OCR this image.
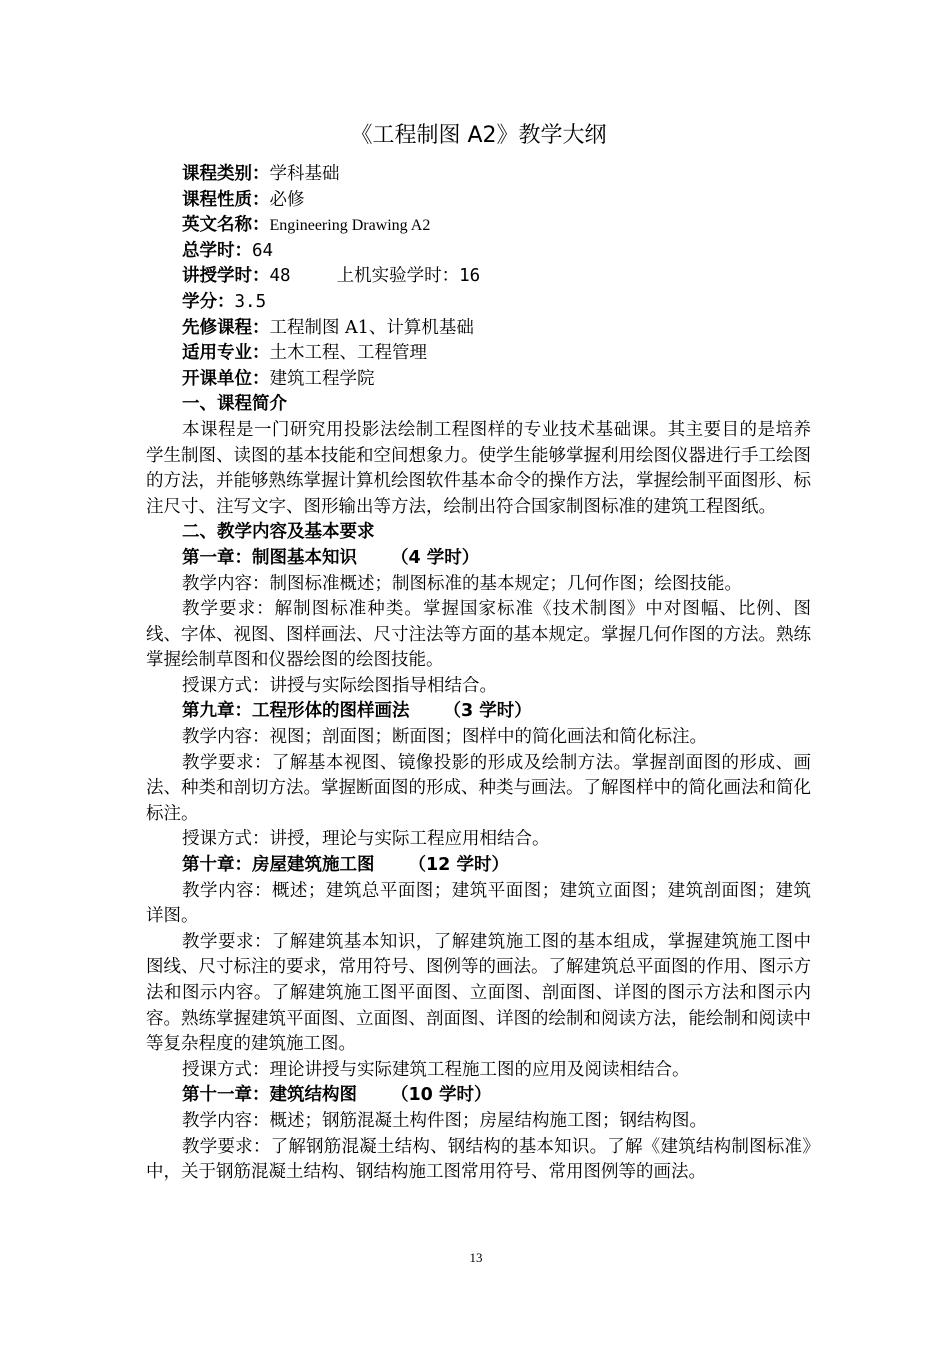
《工程制图 A2》教学大纲
课程类别：学科基础
课程性质：必修
英文名称：Engineering Drawing A2
总学时：64
讲授学时：48	上机实验学时：16
学分：3.5
先修课程：工程制图 A1、计算机基础
适用专业：土木工程、工程管理
开课单位：建筑工程学院
一、课程简介

本课程是一门研究用投影法绘制工程图样的专业技术基础课。其主要目的是培养学生制图、读图的基本技能和空间想象力。使学生能够掌握利用绘图仪器进行手工绘图的方法，并能够熟练掌握计算机绘图软件基本命令的操作方法，掌握绘制平面图形、标注尺寸、注写文字、图形输出等方法，绘制出符合国家制图标准的建筑工程图纸。

二、教学内容及基本要求
第一章：制图基本知识 （4 学时）

教学内容：制图标准概述；制图标准的基本规定；几何作图；绘图技能。

教学要求：解制图标准种类。掌握国家标准《技术制图》中对图幅、比例、图线、字体、视图、图样画法、尺寸注法等方面的基本规定。掌握几何作图的方法。熟练掌握绘制草图和仪器绘图的绘图技能。

授课方式：讲授与实际绘图指导相结合。

第九章：工程形体的图样画法 （3 学时）

教学内容：视图；剖面图；断面图；图样中的简化画法和简化标注。

教学要求：了解基本视图、镜像投影的形成及绘制方法。掌握剖面图的形成、画法、种类和剖切方法。掌握断面图的形成、种类与画法。了解图样中的简化画法和简化标注。

授课方式：讲授，理论与实际工程应用相结合。

第十章：房屋建筑施工图 （12 学时）

教学内容：概述；建筑总平面图；建筑平面图；建筑立面图；建筑剖面图；建筑详图。

教学要求：了解建筑基本知识，了解建筑施工图的基本组成，掌握建筑施工图中图线、尺寸标注的要求，常用符号、图例等的画法。了解建筑总平面图的作用、图示方法和图示内容。了解建筑施工图平面图、立面图、剖面图、详图的图示方法和图示内容。熟练掌握建筑平面图、立面图、剖面图、详图的绘制和阅读方法，能绘制和阅读中等复杂程度的建筑施工图。

授课方式：理论讲授与实际建筑工程施工图的应用及阅读相结合。

第十一章：建筑结构图 （10 学时）

教学内容：概述；钢筋混凝土构件图；房屋结构施工图；钢结构图。

教学要求：了解钢筋混凝土结构、钢结构的基本知识。了解《建筑结构制图标准》中，关于钢筋混凝土结构、钢结构施工图常用符号、常用图例等的画法。

13
